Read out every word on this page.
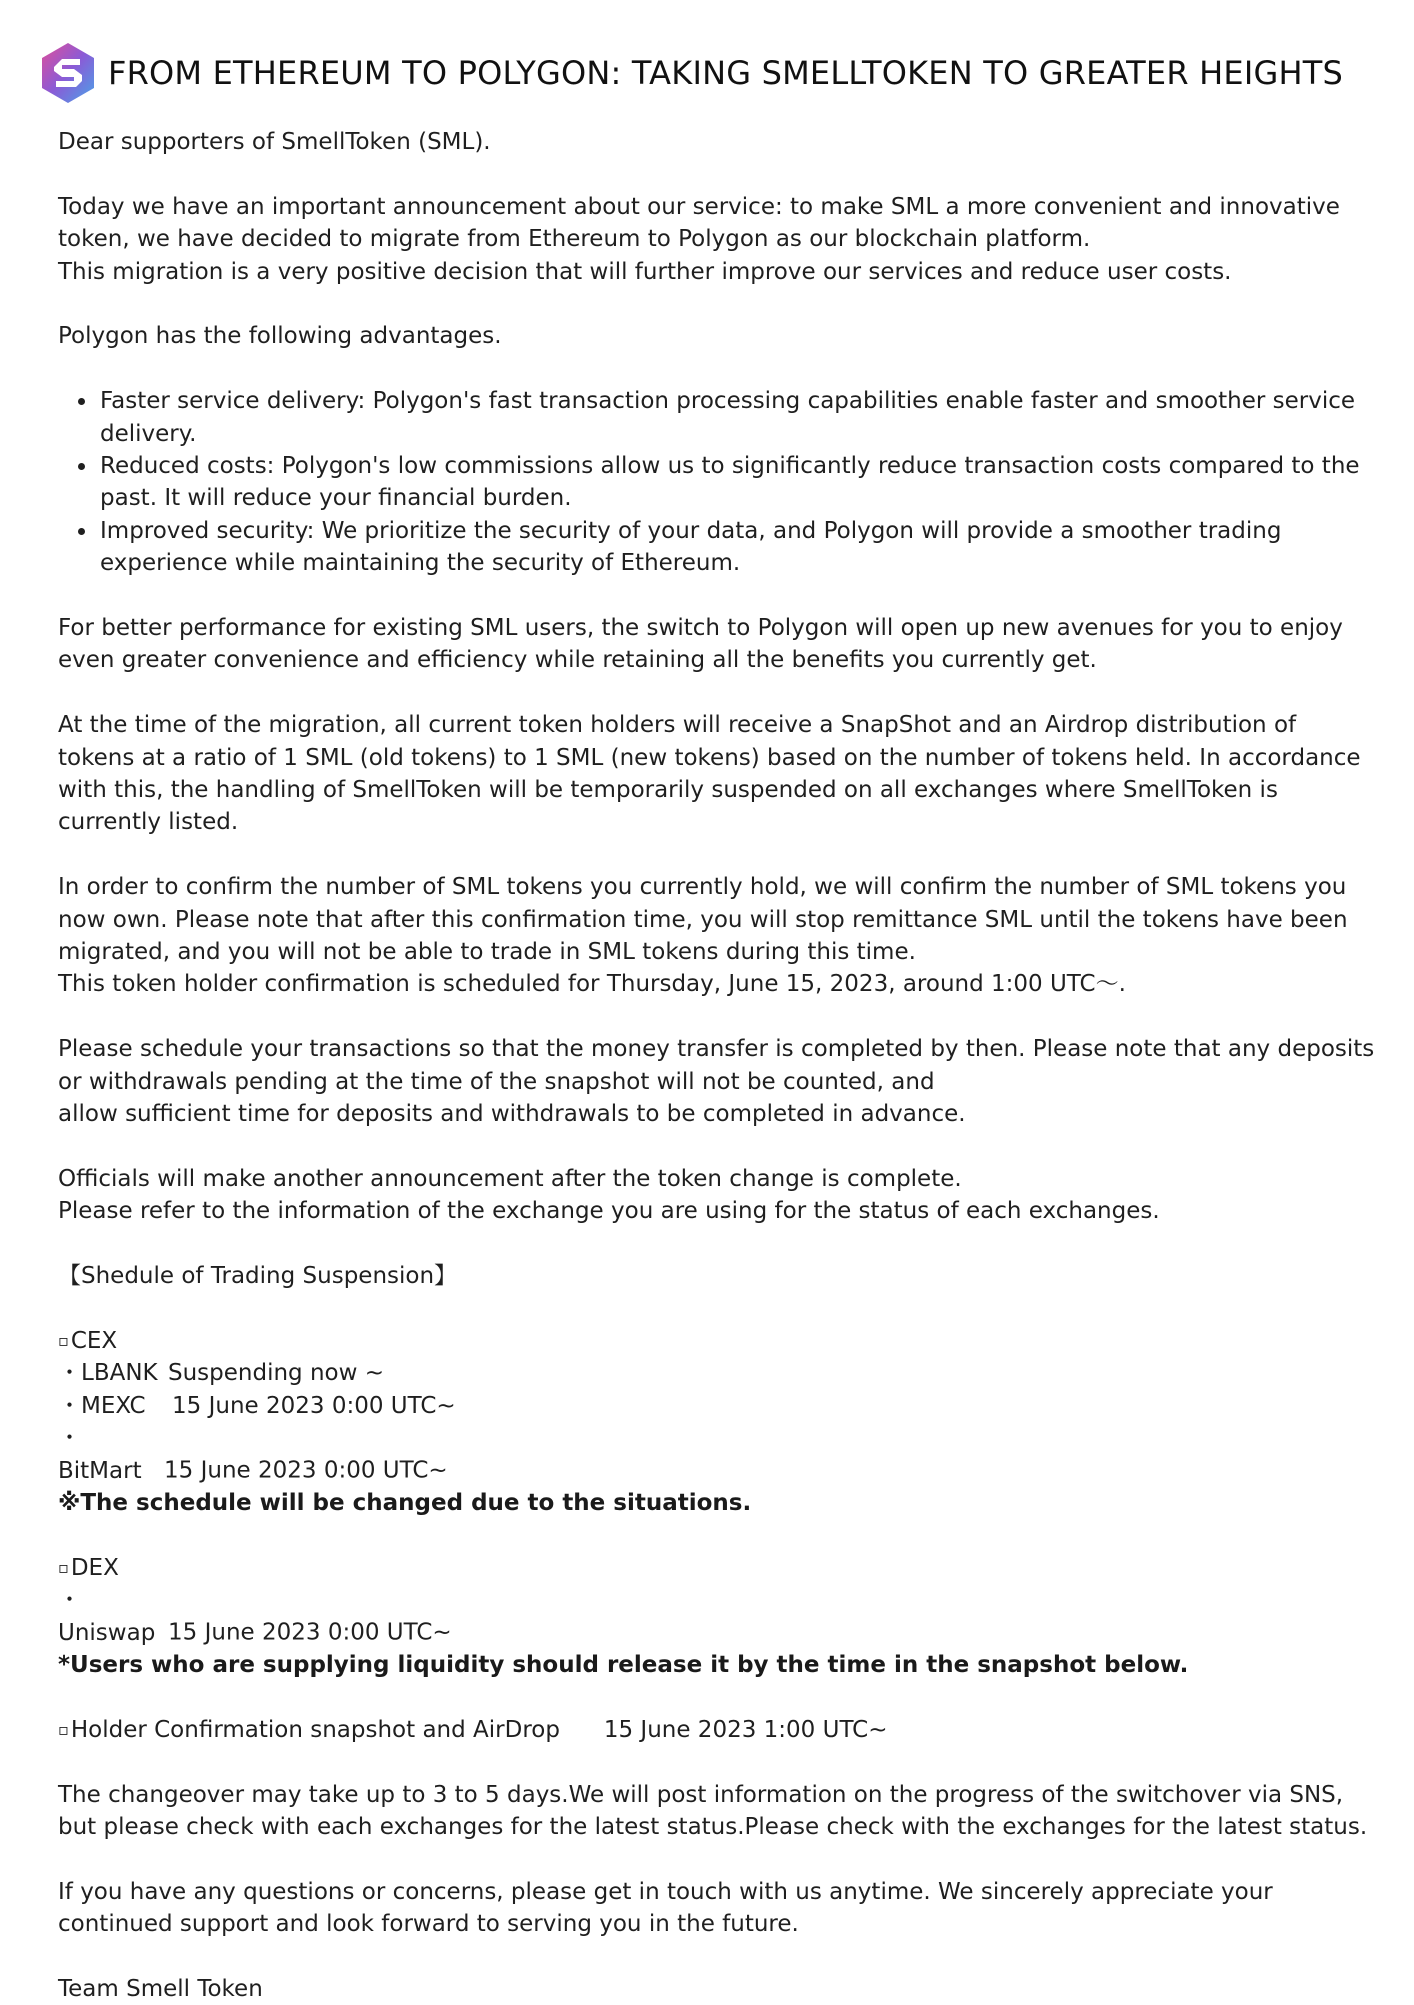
FROM ETHEREUM TO POLYGON: TAKING SMELLTOKEN TO GREATER HEIGHTS

Dear supporters of SmellToken (SML).

Today we have an important announcement about our service: to make SML a more convenient and innovative token, we have decided to migrate from Ethereum to Polygon as our blockchain platform.

This migration is a very positive decision that will further improve our services and reduce user costs.

Polygon has the following advantages.

• Faster service delivery: Polygon's fast transaction processing capabilities enable faster and smoother service delivery.
• Reduced costs: Polygon's low commissions allow us to significantly reduce transaction costs compared to the past. It will reduce your financial burden.
• Improved security: We prioritize the security of your data, and Polygon will provide a smoother trading experience while maintaining the security of Ethereum.

For better performance for existing SML users, the switch to Polygon will open up new avenues for you to enjoy even greater convenience and efficiency while retaining all the benefits you currently get.

At the time of the migration, all current token holders will receive a SnapShot and an Airdrop distribution of tokens at a ratio of 1 SML (old tokens) to 1 SML (new tokens) based on the number of tokens held. In accordance with this, the handling of SmellToken will be temporarily suspended on all exchanges where SmellToken is currently listed.

In order to confirm the number of SML tokens you currently hold, we will confirm the number of SML tokens you now own. Please note that after this confirmation time, you will stop remittance SML until the tokens have been migrated, and you will not be able to trade in SML tokens during this time.

This token holder confirmation is scheduled for Thursday, June 15, 2023, around 1:00 UTC〜.

Please schedule your transactions so that the money transfer is completed by then. Please note that any deposits or withdrawals pending at the time of the snapshot will not be counted, and

allow sufficient time for deposits and withdrawals to be completed in advance.

Officials will make another announcement after the token change is complete.

Please refer to the information of the exchange you are using for the status of each exchanges.

【Shedule of Trading Suspension】

▫CEX

・LBANK Suspending now ~

・MEXC 15 June 2023 0:00 UTC~

・BitMart 15 June 2023 0:00 UTC~

※The schedule will be changed due to the situations.

▫DEX

・Uniswap 15 June 2023 0:00 UTC~

*Users who are supplying liquidity should release it by the time in the snapshot below.

▫Holder Confirmation snapshot and AirDrop 15 June 2023 1:00 UTC~

The changeover may take up to 3 to 5 days.We will post information on the progress of the switchover via SNS, but please check with each exchanges for the latest status.Please check with the exchanges for the latest status.

If you have any questions or concerns, please get in touch with us anytime. We sincerely appreciate your continued support and look forward to serving you in the future.

Team Smell Token
